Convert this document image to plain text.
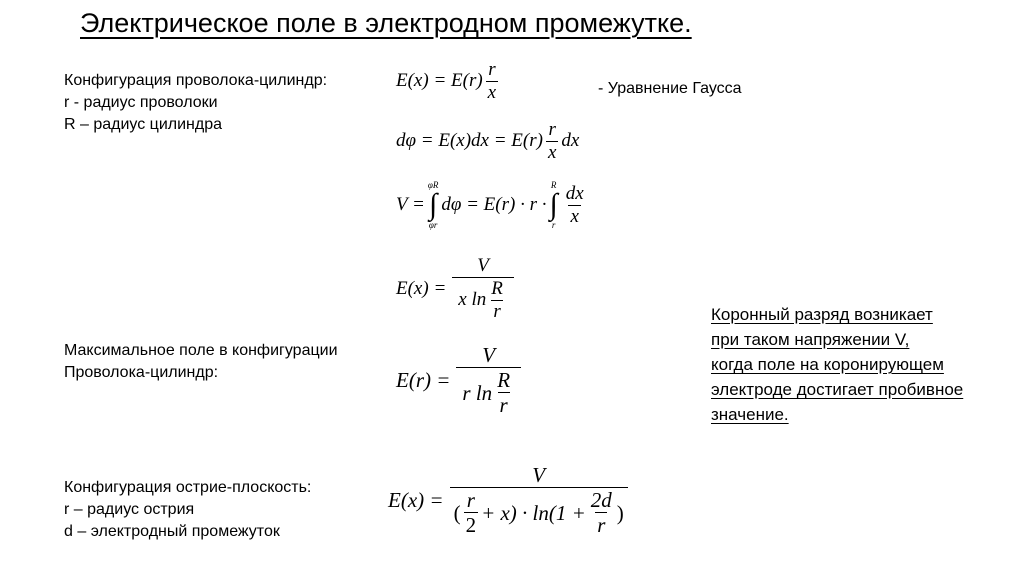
Электрическое поле в электродном промежутке.
Конфигурация проволока-цилиндр:
r - радиус проволоки
R – радиус цилиндра
- Уравнение Гаусса
Максимальное поле в конфигурации
Проволока-цилиндр:
Конфигурация острие-плоскость:
r – радиус острия
d – электродный промежуток
Коронный разряд возникает
при таком напряжении V,
когда поле на коронирующем
электроде достигает пробивное
значение.
$E(x) = E(r) \frac{r}{x}$
$d\varphi = E(x)dx = E(r) \frac{r}{x}$ dx
V =
φR
∫
φr
dφ = E(r) · r ·
R
∫
r $\frac{dx}{x}$
$E(x) = \frac{V}{x \ln \frac{R}{r}}$
$E(r) = \frac{V}{r \ln \frac{R}{r}}$
E(x) =
V
( $\frac{r}{2} + x) \cdot \ln(1 + \frac{2d}{r}$ )
